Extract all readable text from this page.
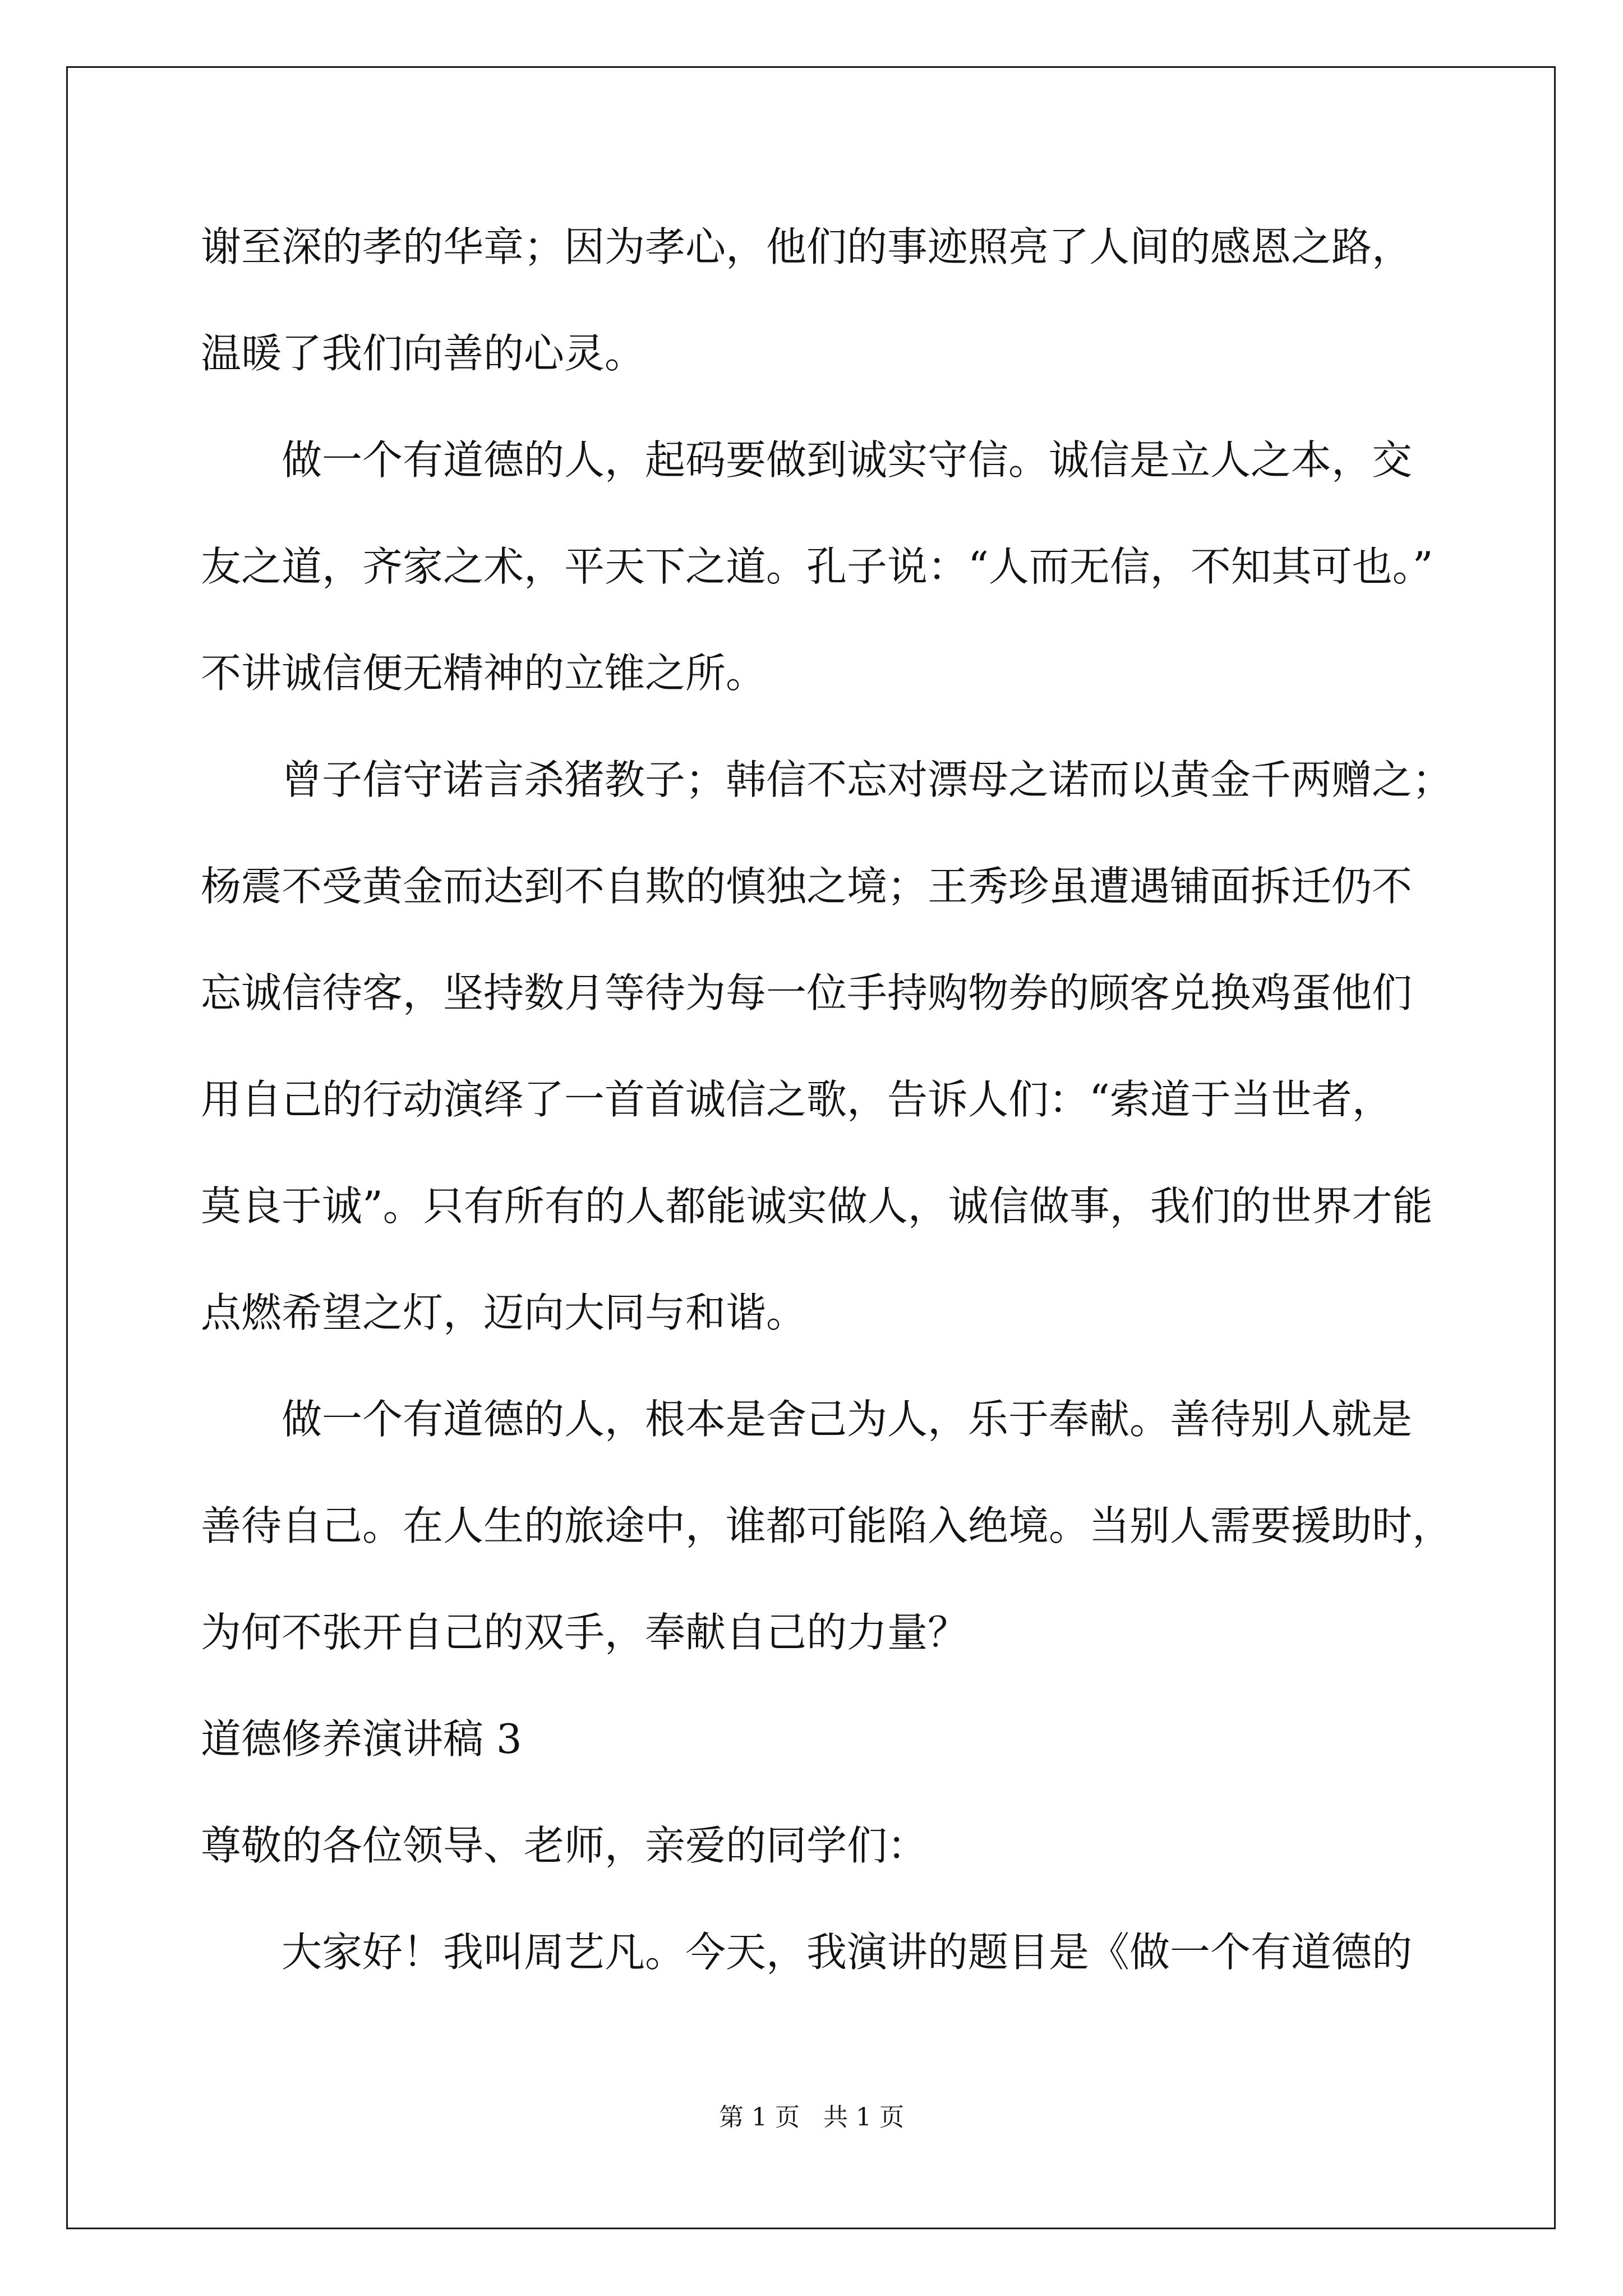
谢至深的孝的华章；因为孝心，他们的事迹照亮了人间的感恩之路，

温暖了我们向善的心灵。

做一个有道德的人，起码要做到诚实守信。诚信是立人之本，交

友之道，齐家之术，平天下之道。孔子说：“人而无信，不知其可也。”

不讲诚信便无精神的立锥之所。

曾子信守诺言杀猪教子；韩信不忘对漂母之诺而以黄金千两赠之；

杨震不受黄金而达到不自欺的慎独之境；王秀珍虽遭遇铺面拆迁仍不

忘诚信待客，坚持数月等待为每一位手持购物券的顾客兑换鸡蛋他们

用自己的行动演绎了一首首诚信之歌，告诉人们：“索道于当世者，

莫良于诚”。只有所有的人都能诚实做人，诚信做事，我们的世界才能

点燃希望之灯，迈向大同与和谐。

做一个有道德的人，根本是舍己为人，乐于奉献。善待别人就是

善待自己。在人生的旅途中，谁都可能陷入绝境。当别人需要援助时，

为何不张开自己的双手，奉献自己的力量？

道德修养演讲稿 3

尊敬的各位领导、老师，亲爱的同学们：

大家好！我叫周艺凡。今天，我演讲的题目是《做一个有道德的

第 1 页   共 1 页
